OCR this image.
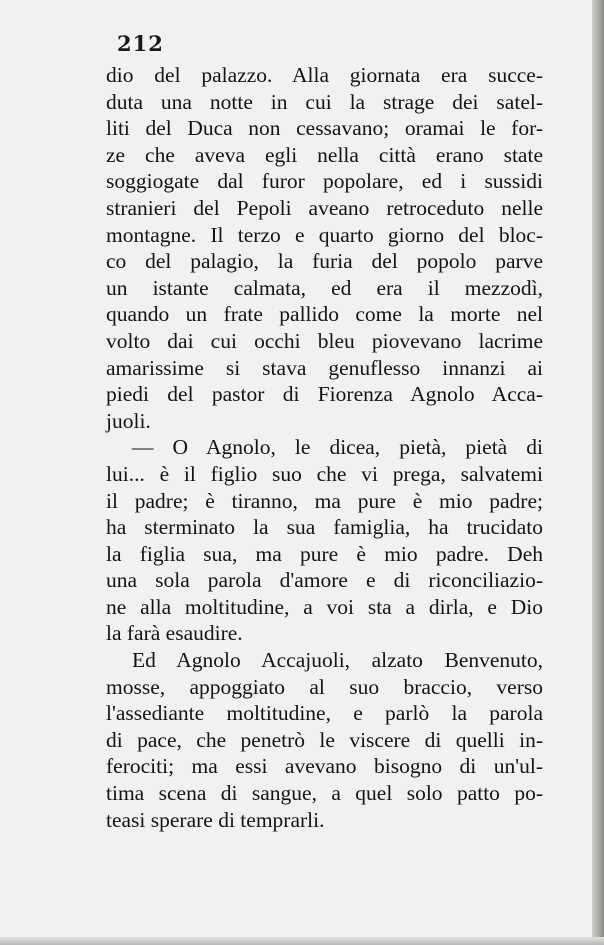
212
dio del palazzo. Alla giornata era succe-
duta una notte in cui la strage dei satel-
liti del Duca non cessavano; oramai le for-
ze che aveva egli nella città erano state
soggiogate dal furor popolare, ed i sussidi
stranieri del Pepoli aveano retroceduto nelle
montagne. Il terzo e quarto giorno del bloc-
co del palagio, la furia del popolo parve
un istante calmata, ed era il mezzodì,
quando un frate pallido come la morte nel
volto dai cui occhi bleu piovevano lacrime
amarissime si stava genuflesso innanzi ai
piedi del pastor di Fiorenza Agnolo Acca-
juoli.
— O Agnolo, le dicea, pietà, pietà di
lui... è il figlio suo che vi prega, salvatemi
il padre; è tiranno, ma pure è mio padre;
ha sterminato la sua famiglia, ha trucidato
la figlia sua, ma pure è mio padre. Deh
una sola parola d'amore e di riconciliazio-
ne alla moltitudine, a voi sta a dirla, e Dio
la farà esaudire.
Ed Agnolo Accajuoli, alzato Benvenuto,
mosse, appoggiato al suo braccio, verso
l'assediante moltitudine, e parlò la parola
di pace, che penetrò le viscere di quelli in-
ferociti; ma essi avevano bisogno di un'ul-
tima scena di sangue, a quel solo patto po-
teasi sperare di temprarli.
